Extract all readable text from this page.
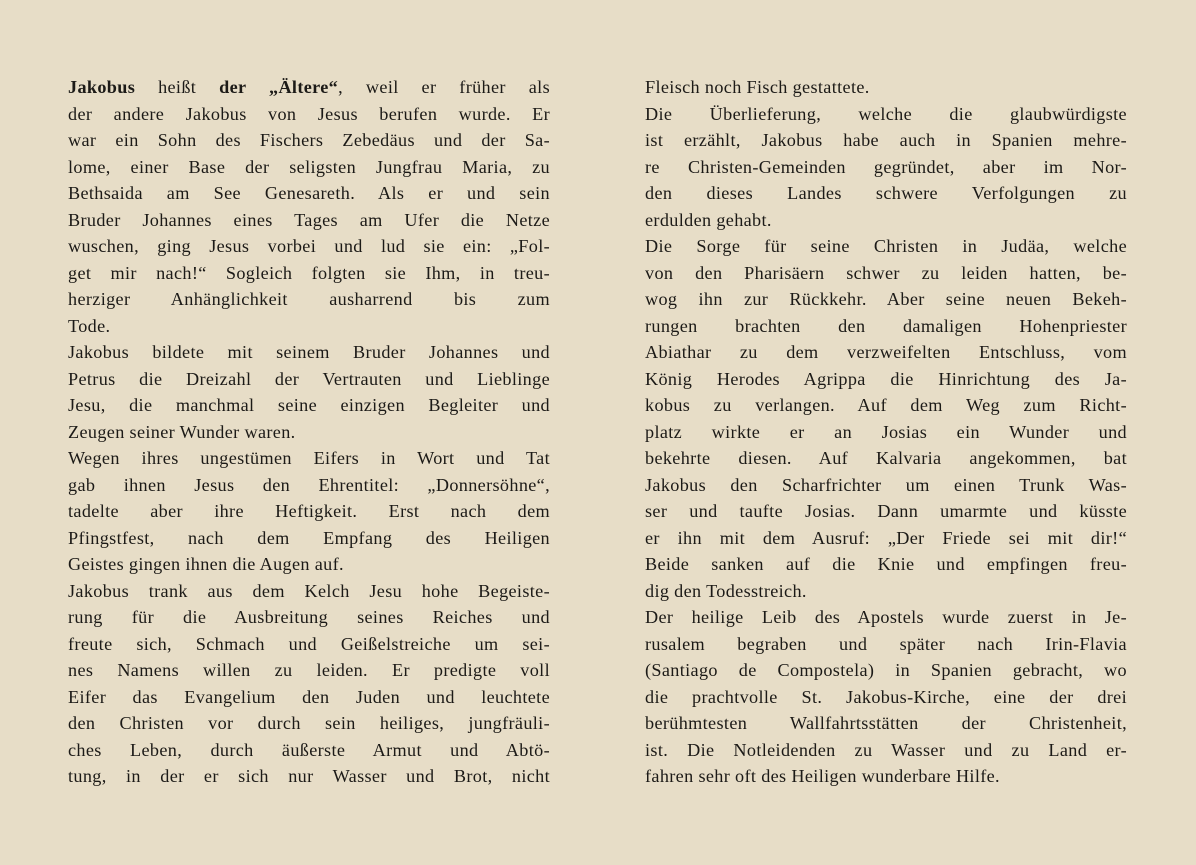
Jakobus heißt der „Ältere“, weil er früher als
der andere Jakobus von Jesus berufen wurde. Er
war ein Sohn des Fischers Zebedäus und der Sa-
lome, einer Base der seligsten Jungfrau Maria, zu
Bethsaida am See Genesareth. Als er und sein
Bruder Johannes eines Tages am Ufer die Netze
wuschen, ging Jesus vorbei und lud sie ein: „Fol-
get mir nach!“ Sogleich folgten sie Ihm, in treu-
herziger Anhänglichkeit ausharrend bis zum
Tode.
Jakobus bildete mit seinem Bruder Johannes und
Petrus die Dreizahl der Vertrauten und Lieblinge
Jesu, die manchmal seine einzigen Begleiter und
Zeugen seiner Wunder waren.
Wegen ihres ungestümen Eifers in Wort und Tat
gab ihnen Jesus den Ehrentitel: „Donnersöhne“,
tadelte aber ihre Heftigkeit. Erst nach dem
Pfingstfest, nach dem Empfang des Heiligen
Geistes gingen ihnen die Augen auf.
Jakobus trank aus dem Kelch Jesu hohe Begeiste-
rung für die Ausbreitung seines Reiches und
freute sich, Schmach und Geißelstreiche um sei-
nes Namens willen zu leiden. Er predigte voll
Eifer das Evangelium den Juden und leuchtete
den Christen vor durch sein heiliges, jungfräuli-
ches Leben, durch äußerste Armut und Abtö-
tung, in der er sich nur Wasser und Brot, nicht
Fleisch noch Fisch gestattete.
Die Überlieferung, welche die glaubwürdigste
ist erzählt, Jakobus habe auch in Spanien mehre-
re Christen-Gemeinden gegründet, aber im Nor-
den dieses Landes schwere Verfolgungen zu
erdulden gehabt.
Die Sorge für seine Christen in Judäa, welche
von den Pharisäern schwer zu leiden hatten, be-
wog ihn zur Rückkehr. Aber seine neuen Bekeh-
rungen brachten den damaligen Hohenpriester
Abiathar zu dem verzweifelten Entschluss, vom
König Herodes Agrippa die Hinrichtung des Ja-
kobus zu verlangen. Auf dem Weg zum Richt-
platz wirkte er an Josias ein Wunder und
bekehrte diesen. Auf Kalvaria angekommen, bat
Jakobus den Scharfrichter um einen Trunk Was-
ser und taufte Josias. Dann umarmte und küsste
er ihn mit dem Ausruf: „Der Friede sei mit dir!“
Beide sanken auf die Knie und empfingen freu-
dig den Todesstreich.
Der heilige Leib des Apostels wurde zuerst in Je-
rusalem begraben und später nach Irin-Flavia
(Santiago de Compostela) in Spanien gebracht, wo
die prachtvolle St. Jakobus-Kirche, eine der drei
berühmtesten Wallfahrtsstätten der Christenheit,
ist. Die Notleidenden zu Wasser und zu Land er-
fahren sehr oft des Heiligen wunderbare Hilfe.
